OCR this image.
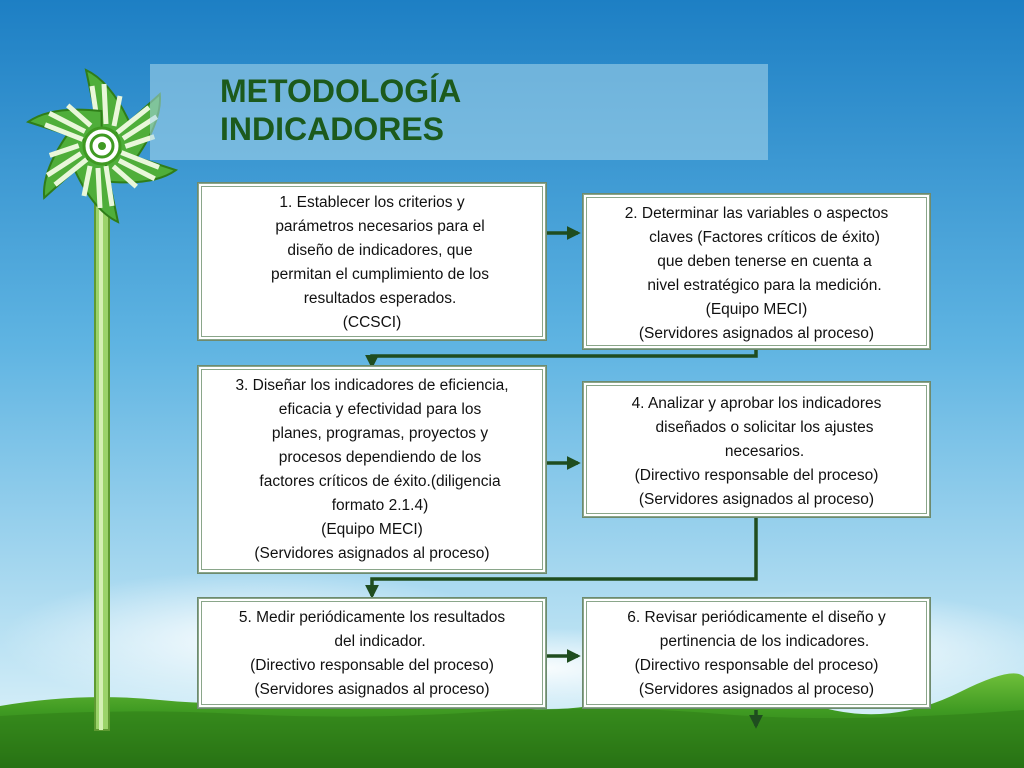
METODOLOGÍA
INDICADORES
1. Establecer los criterios y
parámetros necesarios para el
diseño de indicadores, que
permitan el cumplimiento de los
resultados esperados.
(CCSCI)
2. Determinar las variables o aspectos
claves (Factores críticos de éxito)
que deben tenerse en cuenta a
nivel estratégico para la medición.
(Equipo MECI)
(Servidores asignados al proceso)
3. Diseñar los indicadores de eficiencia,
eficacia y efectividad para los
planes, programas, proyectos y
procesos dependiendo de los
factores críticos de éxito.(diligencia
formato 2.1.4)
(Equipo MECI)
(Servidores asignados al proceso)
4. Analizar y aprobar los indicadores
diseñados o solicitar los ajustes
necesarios.
(Directivo responsable del proceso)
(Servidores asignados al proceso)
5. Medir periódicamente los resultados
del indicador.
(Directivo responsable del proceso)
(Servidores asignados al proceso)
6. Revisar periódicamente el diseño y
pertinencia de los indicadores.
(Directivo responsable del proceso)
(Servidores asignados al proceso)
